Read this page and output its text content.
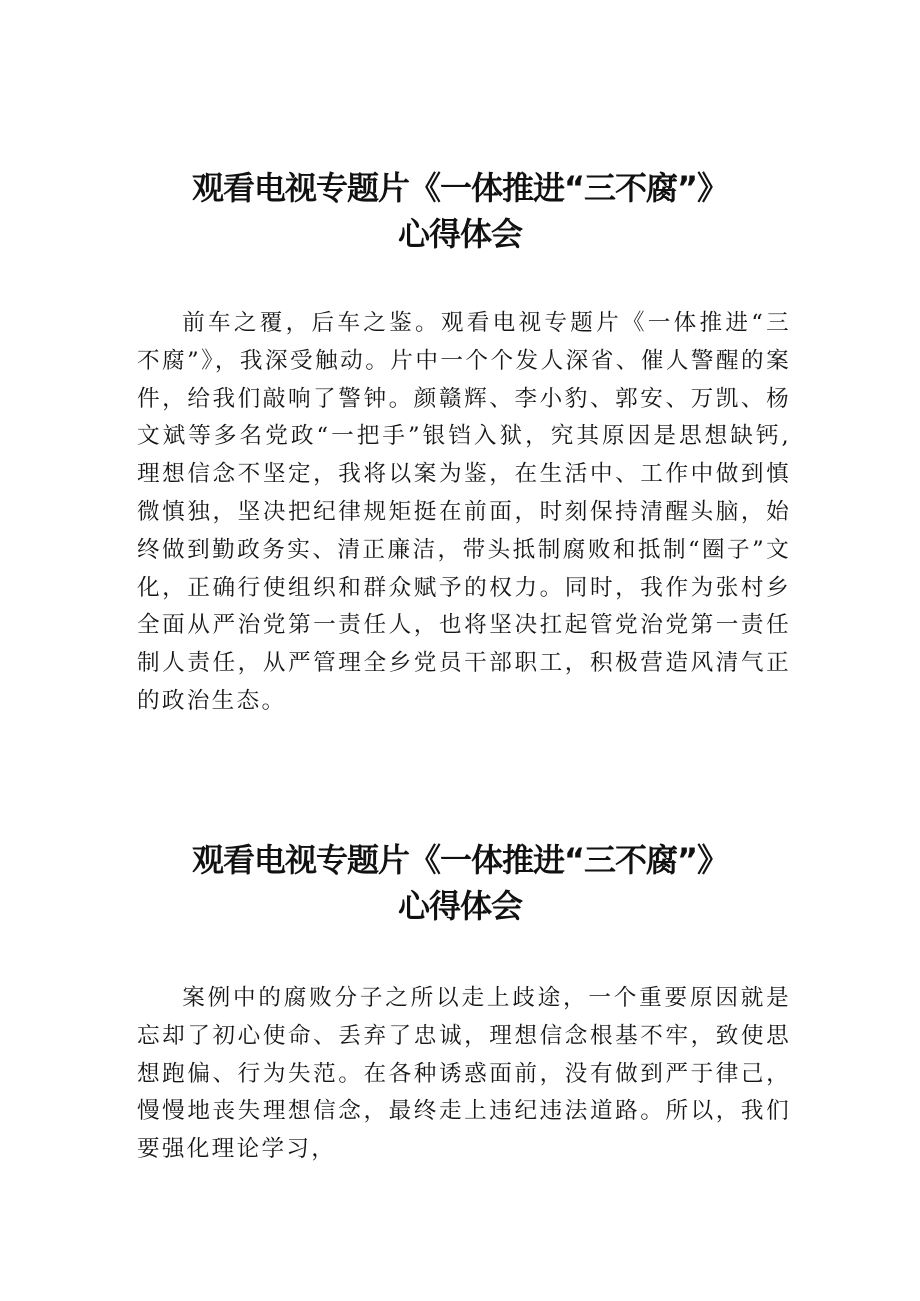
观看电视专题片《一体推进“三不腐”》
心得体会

前车之覆，后车之鉴。观看电视专题片《一体推进“三不腐”》，我深受触动。片中一个个发人深省、催人警醒的案件，给我们敲响了警钟。颜赣辉、李小豹、郭安、万凯、杨文斌等多名党政“一把手”银铛入狱，究其原因是思想缺钙,理想信念不坚定，我将以案为鉴，在生活中、工作中做到慎微慎独，坚决把纪律规矩挺在前面，时刻保持清醒头脑，始终做到勤政务实、清正廉洁，带头抵制腐败和抵制“圈子”文化，正确行使组织和群众赋予的权力。同时，我作为张村乡全面从严治党第一责任人，也将坚决扛起管党治党第一责任制人责任，从严管理全乡党员干部职工，积极营造风清气正的政治生态。

观看电视专题片《一体推进“三不腐”》
心得体会

案例中的腐败分子之所以走上歧途，一个重要原因就是忘却了初心使命、丢弃了忠诚，理想信念根基不牢，致使思想跑偏、行为失范。在各种诱惑面前，没有做到严于律己，慢慢地丧失理想信念，最终走上违纪违法道路。所以，我们要强化理论学习，
